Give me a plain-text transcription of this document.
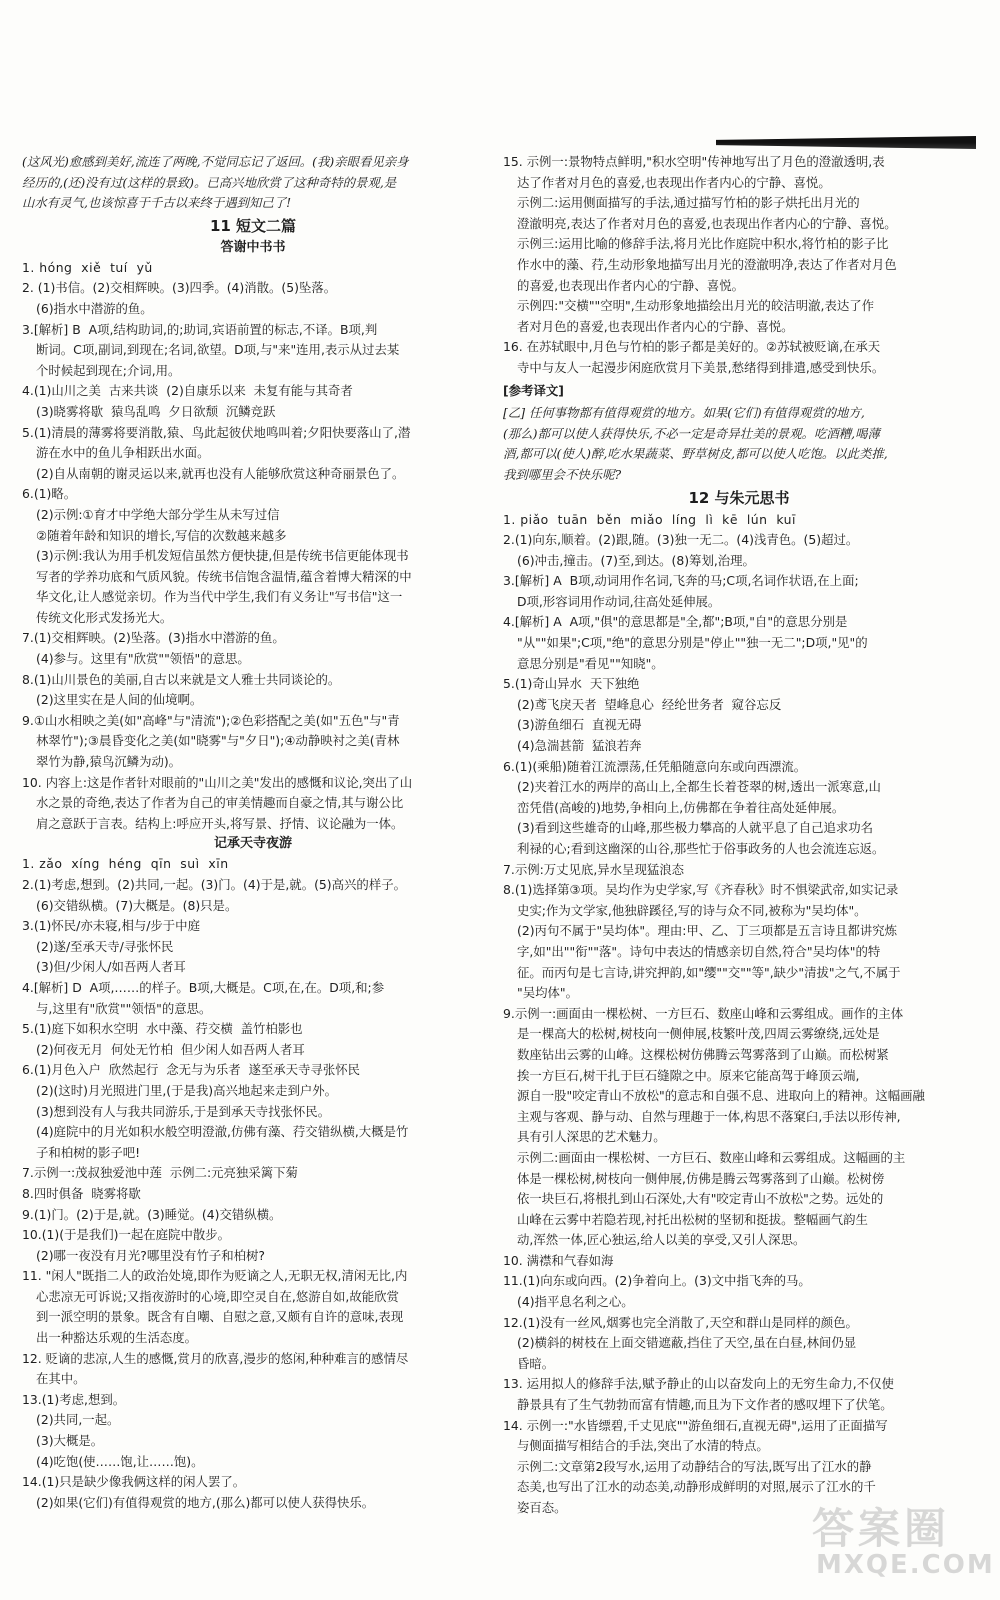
(这风光)愈感到美好,流连了两晚,不觉同忘记了返回。(我)亲眼看见亲身

经历的,(还)没有过(这样的景致)。已高兴地欣赏了这种奇特的景观,是

山水有灵气,也该惊喜于千古以来终于遇到知己了!

11 短文二篇

答谢中书书

1. hóng  xiě  tuí  yǔ

2. (1)书信。(2)交相辉映。(3)四季。(4)消散。(5)坠落。

(6)指水中潜游的鱼。

3.[解析] B  A项,结构助词,的;助词,宾语前置的标志,不译。B项,判

断词。C项,副词,到现在;名词,欲望。D项,与"来"连用,表示从过去某

个时候起到现在;介词,用。

4.(1)山川之美  古来共谈  (2)自康乐以来  未复有能与其奇者

(3)晓雾将歇  猿鸟乱鸣  夕日欲颓  沉鳞竞跃

5.(1)清晨的薄雾将要消散,猿、鸟此起彼伏地鸣叫着;夕阳快要落山了,潜

游在水中的鱼儿争相跃出水面。

(2)自从南朝的谢灵运以来,就再也没有人能够欣赏这种奇丽景色了。

6.(1)略。

(2)示例:①育才中学绝大部分学生从未写过信

②随着年龄和知识的增长,写信的次数越来越多

(3)示例:我认为用手机发短信虽然方便快捷,但是传统书信更能体现书

写者的学养功底和气质风貌。传统书信饱含温情,蕴含着博大精深的中

华文化,让人感觉亲切。作为当代中学生,我们有义务让"写书信"这一

传统文化形式发扬光大。

7.(1)交相辉映。(2)坠落。(3)指水中潜游的鱼。

(4)参与。这里有"欣赏""领悟"的意思。

8.(1)山川景色的美丽,自古以来就是文人雅士共同谈论的。

(2)这里实在是人间的仙境啊。

9.①山水相映之美(如"高峰"与"清流");②色彩搭配之美(如"五色"与"青

林翠竹");③晨昏变化之美(如"晓雾"与"夕日");④动静映衬之美(青林

翠竹为静,猿鸟沉鳞为动)。

10. 内容上:这是作者针对眼前的"山川之美"发出的感慨和议论,突出了山

水之景的奇绝,表达了作者为自己的审美情趣而自豪之情,其与谢公比

肩之意跃于言表。结构上:呼应开头,将写景、抒情、议论融为一体。

记承天寺夜游

1. zǎo  xíng  héng  qīn  suì  xīn

2.(1)考虑,想到。(2)共同,一起。(3)门。(4)于是,就。(5)高兴的样子。

(6)交错纵横。(7)大概是。(8)只是。

3.(1)怀民/亦未寝,相与/步于中庭

(2)遂/至承天寺/寻张怀民

(3)但/少闲人/如吾两人者耳

4.[解析] D  A项,……的样子。B项,大概是。C项,在,在。D项,和;参

与,这里有"欣赏""领悟"的意思。

5.(1)庭下如积水空明  水中藻、荇交横  盖竹柏影也

(2)何夜无月  何处无竹柏  但少闲人如吾两人者耳

6.(1)月色入户  欣然起行  念无与为乐者  遂至承天寺寻张怀民

(2)(这时)月光照进门里,(于是我)高兴地起来走到户外。

(3)想到没有人与我共同游乐,于是到承天寺找张怀民。

(4)庭院中的月光如积水般空明澄澈,仿佛有藻、荇交错纵横,大概是竹

子和柏树的影子吧!

7.示例一:茂叔独爱池中莲  示例二:元亮独采篱下菊

8.四时俱备  晓雾将歇

9.(1)门。(2)于是,就。(3)睡觉。(4)交错纵横。

10.(1)(于是我们)一起在庭院中散步。

(2)哪一夜没有月光?哪里没有竹子和柏树?

11. "闲人"既指二人的政治处境,即作为贬谪之人,无职无权,清闲无比,内

心悲凉无可诉说;又指夜游时的心境,即空灵自在,悠游自如,故能欣赏

到一派空明的景象。既含有自嘲、自慰之意,又颇有自许的意味,表现

出一种豁达乐观的生活态度。

12. 贬谪的悲凉,人生的感慨,赏月的欣喜,漫步的悠闲,种种难言的感情尽

在其中。

13.(1)考虑,想到。

(2)共同,一起。

(3)大概是。

(4)吃饱(使……饱,让……饱)。

14.(1)只是缺少像我俩这样的闲人罢了。

(2)如果(它们)有值得观赏的地方,(那么)都可以使人获得快乐。

15. 示例一:景物特点鲜明,"积水空明"传神地写出了月色的澄澈透明,表

达了作者对月色的喜爱,也表现出作者内心的宁静、喜悦。

示例二:运用侧面描写的手法,通过描写竹柏的影子烘托出月光的

澄澈明亮,表达了作者对月色的喜爱,也表现出作者内心的宁静、喜悦。

示例三:运用比喻的修辞手法,将月光比作庭院中积水,将竹柏的影子比

作水中的藻、荇,生动形象地描写出月光的澄澈明净,表达了作者对月色

的喜爱,也表现出作者内心的宁静、喜悦。

示例四:"交横""空明",生动形象地描绘出月光的皎洁明澈,表达了作

者对月色的喜爱,也表现出作者内心的宁静、喜悦。

16. 在苏轼眼中,月色与竹柏的影子都是美好的。②苏轼被贬谪,在承天

寺中与友人一起漫步闲庭欣赏月下美景,愁绪得到排遣,感受到快乐。

[参考译文]

[乙] 任何事物都有值得观赏的地方。如果(它们)有值得观赏的地方,

(那么)都可以使人获得快乐,不必一定是奇异壮美的景观。吃酒糟,喝薄

酒,都可以(使人)醉,吃水果蔬菜、野草树皮,都可以使人吃饱。以此类推,

我到哪里会不快乐呢?

12 与朱元思书

1. piǎo  tuān  běn  miǎo  líng  lì  kē  lún  kuī

2.(1)向东,顺着。(2)跟,随。(3)独一无二。(4)浅青色。(5)超过。

(6)冲击,撞击。(7)至,到达。(8)筹划,治理。

3.[解析] A  B项,动词用作名词,飞奔的马;C项,名词作状语,在上面;

D项,形容词用作动词,往高处延伸展。

4.[解析] A  A项,"俱"的意思都是"全,都";B项,"自"的意思分别是

"从""如果";C项,"绝"的意思分别是"停止""独一无二";D项,"见"的

意思分别是"看见""知晓"。

5.(1)奇山异水  天下独绝

(2)鸢飞戾天者  望峰息心  经纶世务者  窥谷忘反

(3)游鱼细石  直视无碍

(4)急湍甚箭  猛浪若奔

6.(1)(乘船)随着江流漂荡,任凭船随意向东或向西漂流。

(2)夹着江水的两岸的高山上,全都生长着苍翠的树,透出一派寒意,山

峦凭借(高峻的)地势,争相向上,仿佛都在争着往高处延伸展。

(3)看到这些雄奇的山峰,那些极力攀高的人就平息了自己追求功名

利禄的心;看到这幽深的山谷,那些忙于俗事政务的人也会流连忘返。

7.示例:万丈见底,异水呈现猛浪态

8.(1)选择第③项。吴均作为史学家,写《齐春秋》时不惧梁武帝,如实记录

史实;作为文学家,他独辟蹊径,写的诗与众不同,被称为"吴均体"。

(2)丙句不属于"吴均体"。理由:甲、乙、丁三项都是五言诗且都讲究炼

字,如"出""衔""落"。诗句中表达的情感亲切自然,符合"吴均体"的特

征。而丙句是七言诗,讲究押韵,如"缨""交""等",缺少"清拔"之气,不属于

"吴均体"。

9.示例一:画面由一棵松树、一方巨石、数座山峰和云雾组成。画作的主体

是一棵高大的松树,树枝向一侧伸展,枝繁叶茂,四周云雾缭绕,远处是

数座钻出云雾的山峰。这棵松树仿佛腾云驾雾落到了山巅。而松树紧

挨一方巨石,树干扎于巨石缝隙之中。原来它能高驾于峰顶云端,

源自一股"咬定青山不放松"的意志和自强不息、进取向上的精神。这幅画融

主观与客观、静与动、自然与理趣于一体,构思不落窠臼,手法以形传神,

具有引人深思的艺术魅力。

示例二:画面由一棵松树、一方巨石、数座山峰和云雾组成。这幅画的主

体是一棵松树,树枝向一侧伸展,仿佛是腾云驾雾落到了山巅。松树傍

依一块巨石,将根扎到山石深处,大有"咬定青山不放松"之势。远处的

山峰在云雾中若隐若现,衬托出松树的坚韧和挺拔。整幅画气韵生

动,浑然一体,匠心独运,给人以美的享受,又引人深思。

10. 满襟和气春如海

11.(1)向东或向西。(2)争着向上。(3)文中指飞奔的马。

(4)指平息名利之心。

12.(1)没有一丝风,烟雾也完全消散了,天空和群山是同样的颜色。

(2)横斜的树枝在上面交错遮蔽,挡住了天空,虽在白昼,林间仍显

昏暗。

13. 运用拟人的修辞手法,赋予静止的山以奋发向上的无穷生命力,不仅使

静景具有了生气勃勃而富有情趣,而且为下文作者的感叹埋下了伏笔。

14. 示例一:"水皆缥碧,千丈见底""游鱼细石,直视无碍",运用了正面描写

与侧面描写相结合的手法,突出了水清的特点。

示例二:文章第2段写水,运用了动静结合的写法,既写出了江水的静

态美,也写出了江水的动态美,动静形成鲜明的对照,展示了江水的千

姿百态。	答案圈
MXQE.COM
